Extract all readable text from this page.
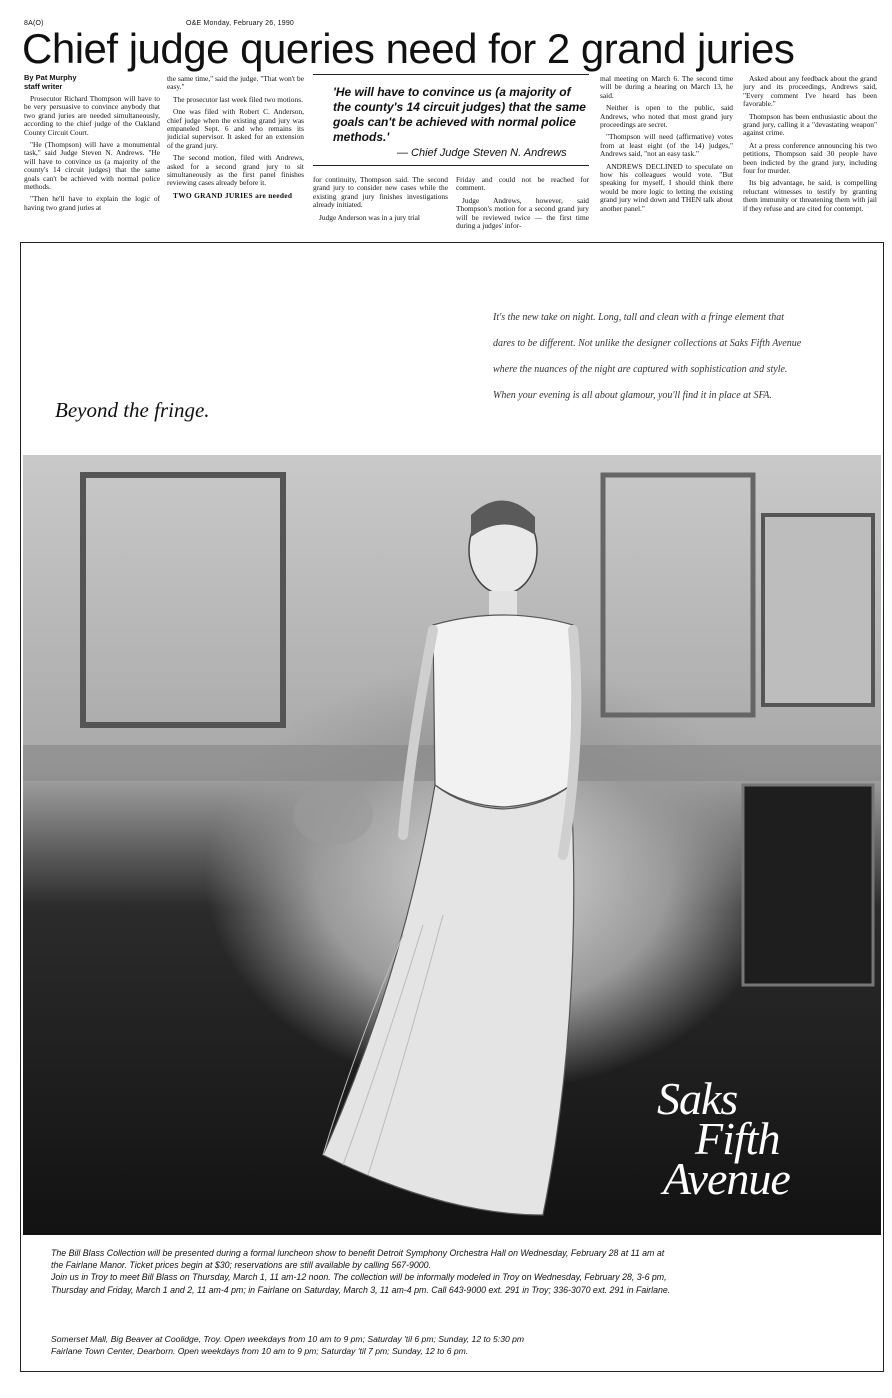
8A(O)	O&E Monday, February 26, 1990
Chief judge queries need for 2 grand juries
By Pat Murphy
staff writer

Prosecutor Richard Thompson will have to be very persuasive to convince anybody that two grand juries are needed simultaneously, according to the chief judge of the Oakland County Circuit Court.

"He (Thompson) will have a monumental task," said Judge Steven N. Andrews. "He will have to convince us (a majority of the county's 14 circuit judges) that the same goals can't be achieved with normal police methods.

"Then he'll have to explain the logic of having two grand juries at

the same time," said the judge. "That won't be easy."

The prosecutor last week filed two motions.

One was filed with Robert C. Anderson, chief judge when the existing grand jury was empaneled Sept. 6 and who remains its judicial supervisor. It asked for an extension of the grand jury.

The second motion, filed with Andrews, asked for a second grand jury to sit simultaneously as the first panel finishes reviewing cases already before it.

TWO GRAND JURIES are needed

'He will have to convince us (a majority of the county's 14 circuit judges) that the same goals can't be achieved with normal police methods.'
— Chief Judge Steven N. Andrews

for continuity, Thompson said. The second grand jury to consider new cases while the existing grand jury finishes investigations already initiated.

Judge Anderson was in a jury trial

Friday and could not be reached for comment.

Judge Andrews, however, said Thompson's motion for a second grand jury will be reviewed twice — the first time during a judges' infor-

mal meeting on March 6. The second time will be during a hearing on March 13, he said.

Neither is open to the public, said Andrews, who noted that most grand jury proceedings are secret.

"Thompson will need (affirmative) votes from at least eight (of the 14) judges," Andrews said, "not an easy task."

ANDREWS DECLINED to speculate on how his colleagues would vote. "But speaking for myself, I should think there would be more logic to letting the existing grand jury wind down and THEN talk about another panel."

Asked about any feedback about the grand jury and its proceedings, Andrews said, "Every comment I've heard has been favorable."

Thompson has been enthusiastic about the grand jury, calling it a "devastating weapon" against crime.

At a press conference announcing his two petitions, Thompson said 30 people have been indicted by the grand jury, including four for murder.

Its big advantage, he said, is compelling reluctant witnesses to testify by granting them immunity or threatening them with jail if they refuse and are cited for contempt.

It's the new take on night. Long, tall and clean with a fringe element that dares to be different. Not unlike the designer collections at Saks Fifth Avenue where the nuances of the night are captured with sophistication and style. When your evening is all about glamour, you'll find it in place at SFA.
Beyond the fringe.
Saks
Fifth
Avenue

The Bill Blass Collection will be presented during a formal luncheon show to benefit Detroit Symphony Orchestra Hall on Wednesday, February 28 at 11 am at the Fairlane Manor. Ticket prices begin at $30; reservations are still available by calling 567-9000.

Join us in Troy to meet Bill Blass on Thursday, March 1, 11 am-12 noon. The collection will be informally modeled in Troy on Wednesday, February 28, 3-6 pm, Thursday and Friday, March 1 and 2, 11 am-4 pm; in Fairlane on Saturday, March 3, 11 am-4 pm. Call 643-9000 ext. 291 in Troy; 336-3070 ext. 291 in Fairlane.

Somerset Mall, Big Beaver at Coolidge, Troy. Open weekdays from 10 am to 9 pm; Saturday 'til 6 pm; Sunday, 12 to 5:30 pm

Fairlane Town Center, Dearborn. Open weekdays from 10 am to 9 pm; Saturday 'til 7 pm; Sunday, 12 to 6 pm.
